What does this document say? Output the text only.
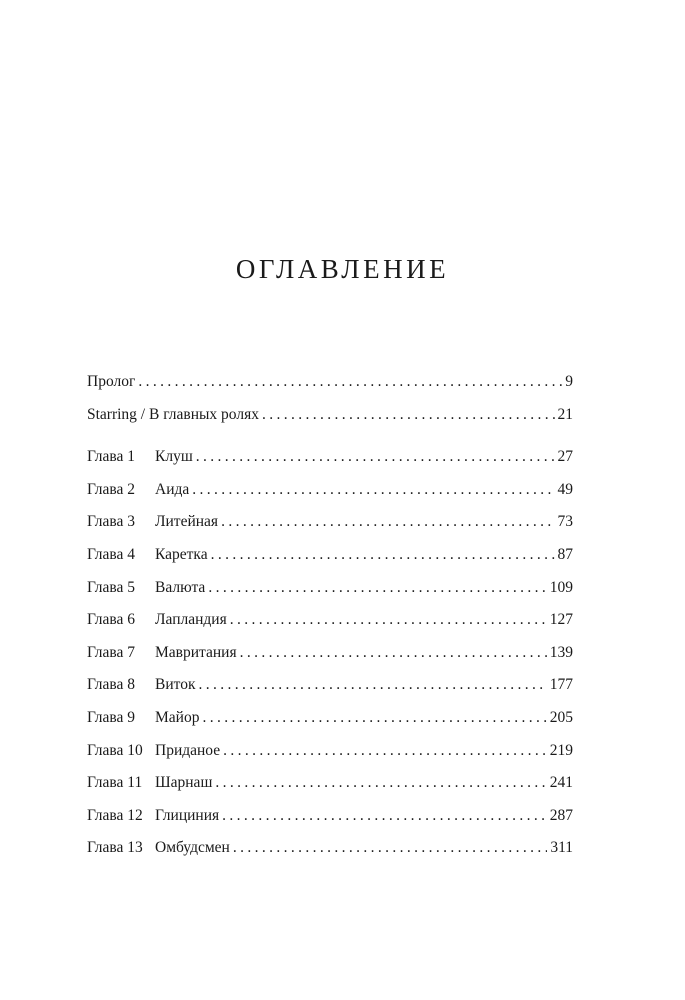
ОГЛАВЛЕНИЕ
Пролог . . .	9
Starring / В главных ролях . . .	21
Глава 1	Клуш . . .	27
Глава 2	Аида . . .	49
Глава 3	Литейная . . .	73
Глава 4	Каретка . . .	87
Глава 5	Валюта . . .	109
Глава 6	Лапландия . . .	127
Глава 7	Мавритания . . .	139
Глава 8	Виток . . .	177
Глава 9	Майор . . .	205
Глава 10 Приданое . . .	219
Глава 11 Шарнаш . . .	241
Глава 12 Глициния . . .	287
Глава 13 Омбудсмен . . .	311
